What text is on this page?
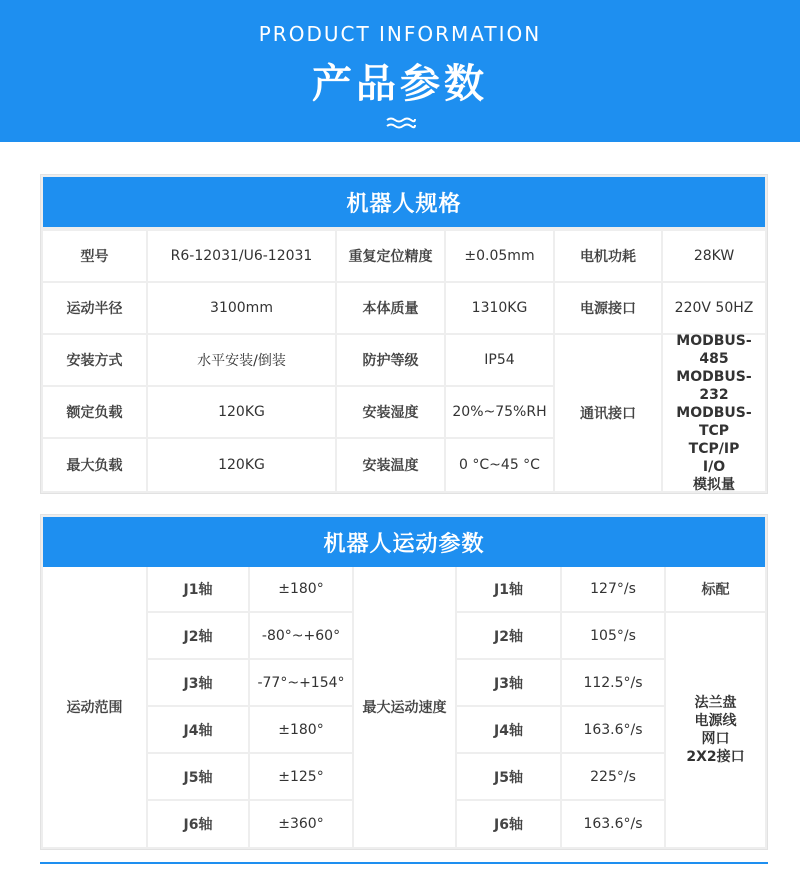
PRODUCT INFORMATION
产品参数
机器人规格
型号	R6-12031/U6-12031	重复定位精度	±0.05mm	电机功耗	28KW
运动半径	3100mm	本体质量	1310KG	电源接口	220V 50HZ
安装方式	水平安装/倒装	防护等级	IP54
额定负载	120KG	安装湿度	20%~75%RH
最大负载	120KG	安装温度	0 °C~45 °C
通讯接口
MODBUS-485
MODBUS-232
MODBUS-TCP
TCP/IP
I/O
模拟量
机器人运动参数
运动范围	最大运动速度
标配
法兰盘
电源线
网口
2X2接口
J1轴	±180°	J1轴	127°/s
J2轴	-80°~+60°	J2轴	105°/s
J3轴	-77°~+154°	J3轴	112.5°/s
J4轴	±180°	J4轴	163.6°/s
J5轴	±125°	J5轴	225°/s
J6轴	±360°	J6轴	163.6°/s
